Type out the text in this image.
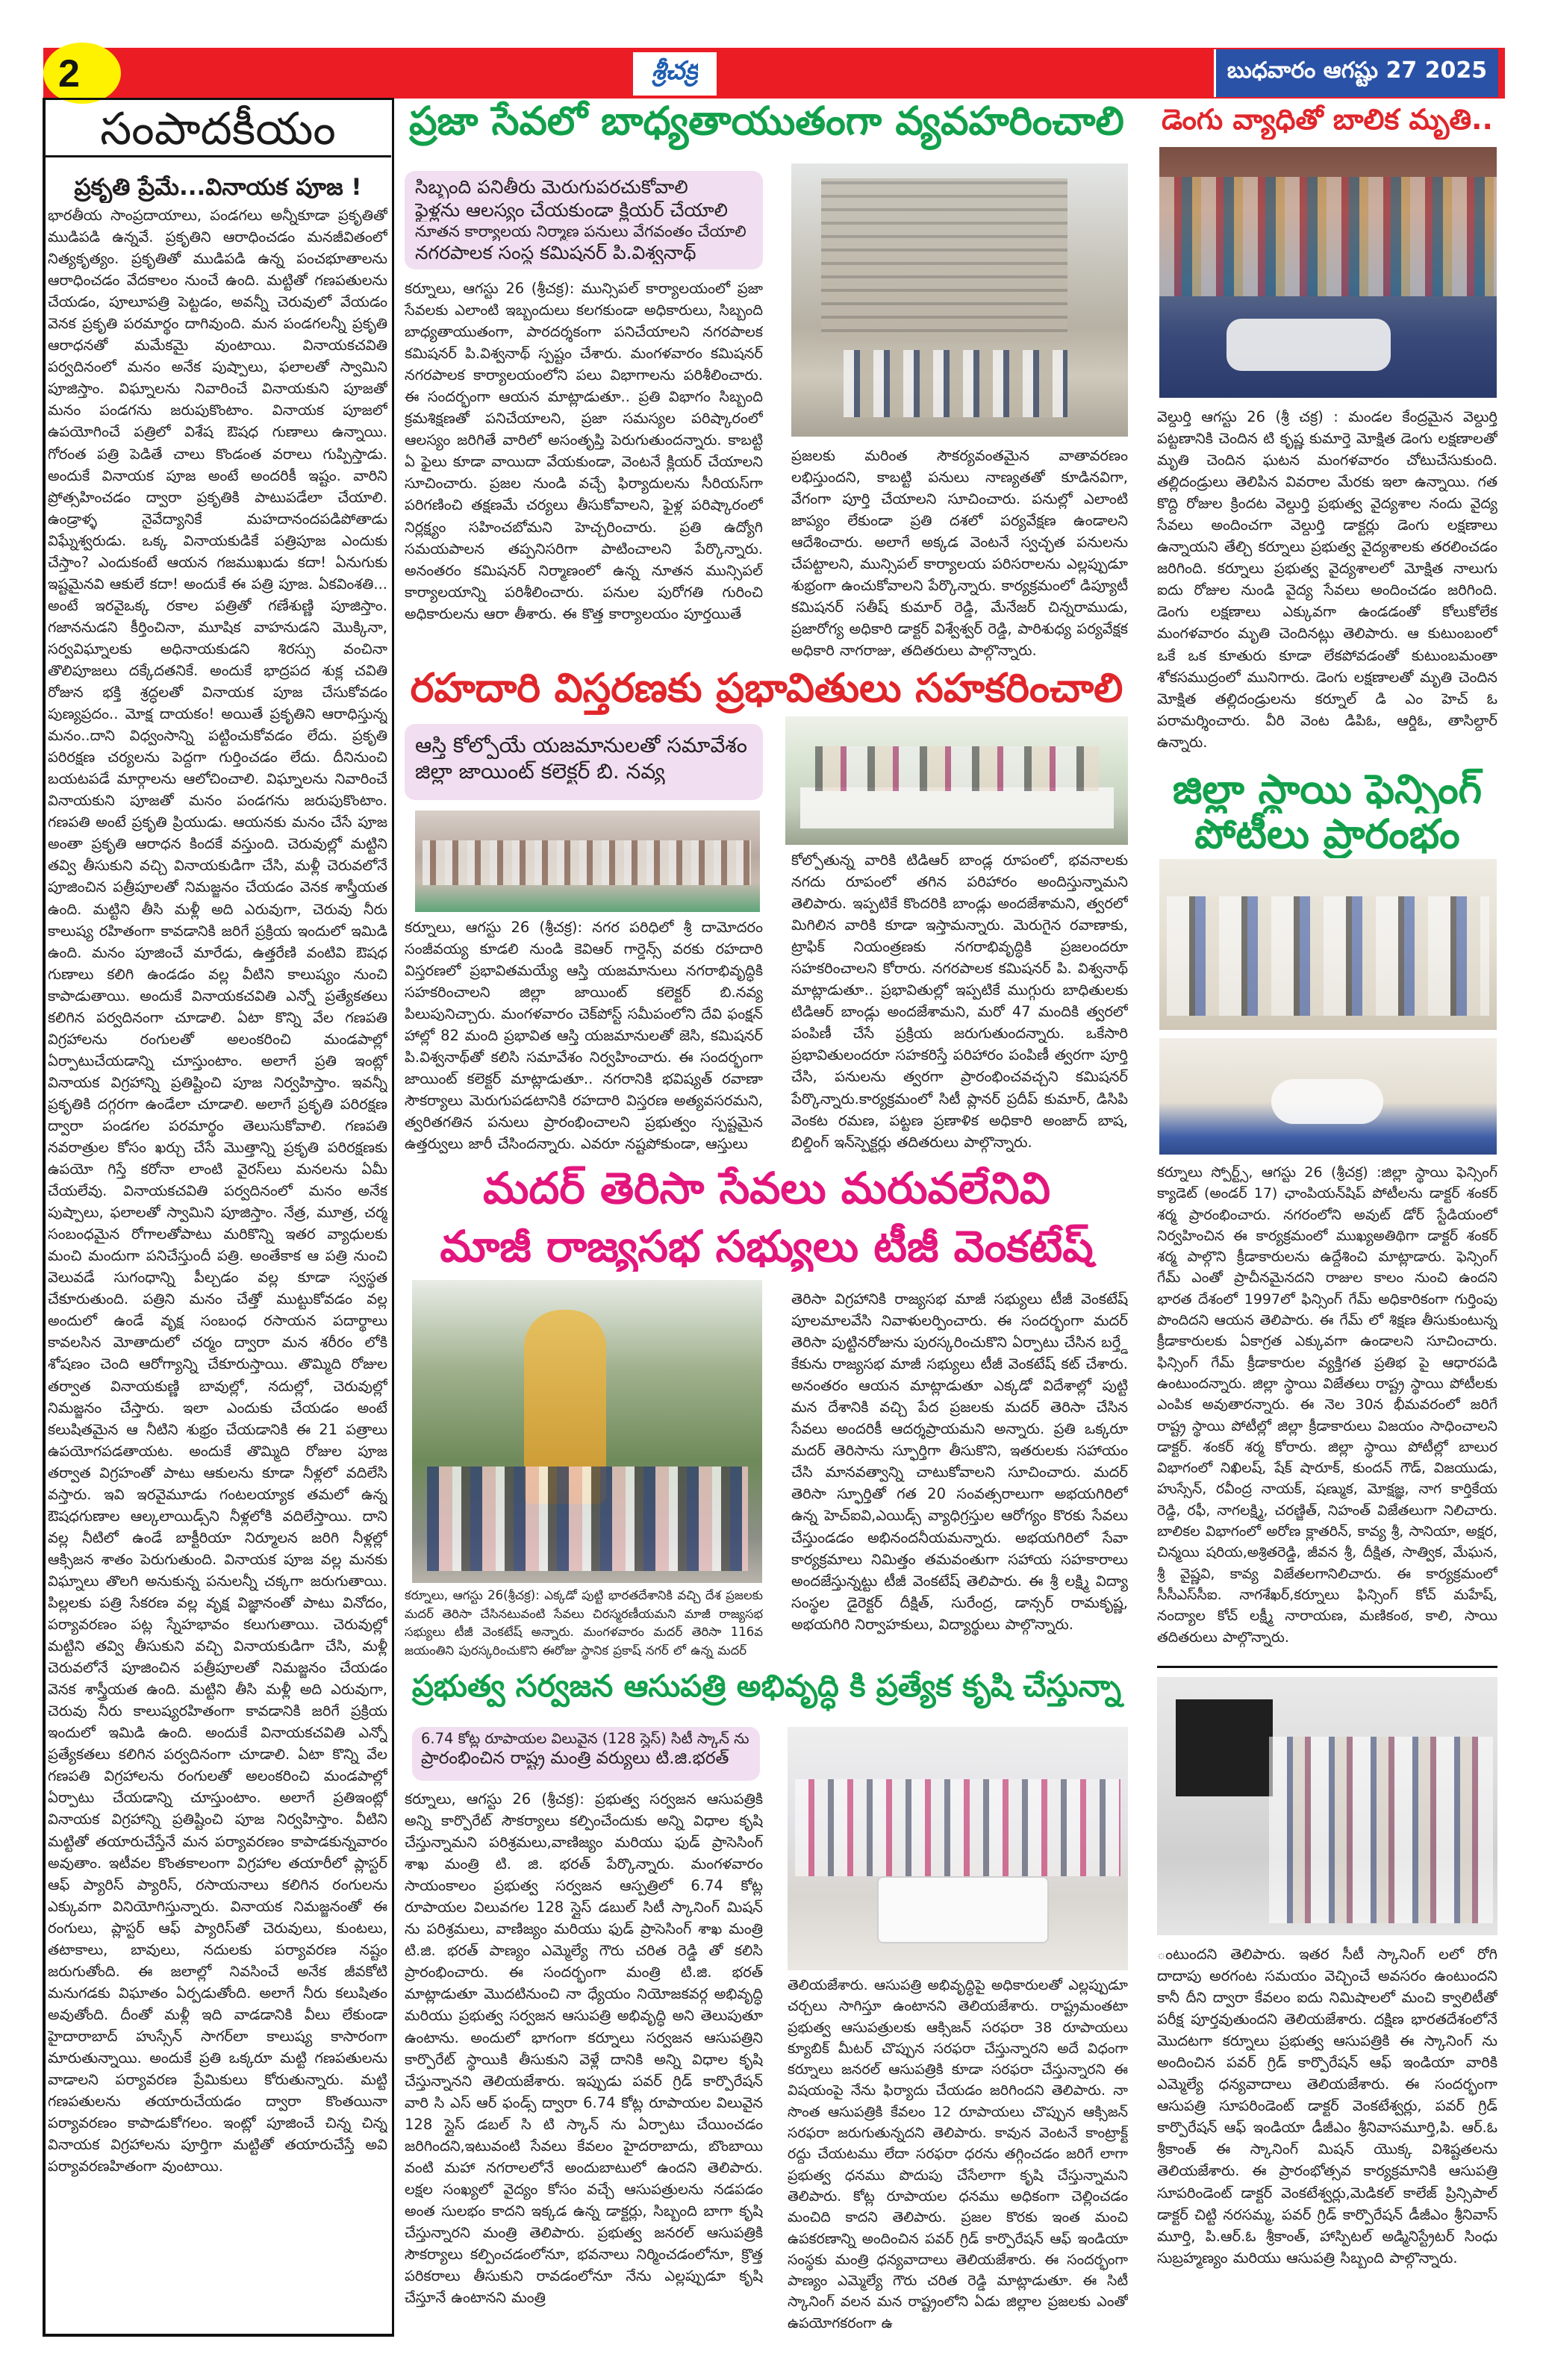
2	శ్రీచక్ర	బుధవారం ఆగష్టు 27 2025
సంపాదకీయం
ప్రకృతి ప్రేమే...వినాయక పూజ !
భారతీయ సాంప్రదాయాలు, పండగలు అన్నీకూడా ప్రకృతితో ముడిపడి ఉన్నవే. ప్రకృతిని ఆరాధించడం మనజీవితంలో నిత్యకృత్యం. ప్రకృతితో ముడిపడి ఉన్న పంచభూతాలను ఆరాధించడం వేదకాలం నుంచే ఉంది. మట్టితో గణపతులను చేయడం, పూలూపత్రి పెట్టడం, అవన్నీ చెరువులో వేయడం వెనక ప్రకృతి పరమార్థం దాగివుంది. మన పండగలన్నీ ప్రకృతి ఆరాధనతో మమేకమై వుంటాయి. వినాయకచవితి పర్వదినంలో మనం అనేక పుష్పాలు, ఫలాలతో స్వామిని పూజిస్తాం. విఘ్నాలను నివారించే వినాయకుని పూజతో మనం పండగను జరుపుకొంటాం. వినాయక పూజలో ఉపయోగించే పత్రిలో విశేష ఔషధ గుణాలు ఉన్నాయి. గోరంత పత్రి పెడితే చాలు కొండంత వరాలు గుప్పిస్తాడు. అందుకే వినాయక పూజ అంటే అందరికీ ఇష్టం. వారిని ప్రోత్సహించడం ద్వారా ప్రకృతికి పాటుపడేలా చేయాలి. ఉండ్రాళ్ళ నైవేద్యానికే మహదానందపడిపోతాడు విఘ్నేశ్వరుడు. ఒక్క వినాయకుడికే పత్రిపూజ ఎందుకు చేస్తాం? ఎందుకంటే ఆయన గజముఖుడు కదా! ఏనుగుకు ఇష్టమైనవి ఆకులే కదా! అందుకే ఈ పత్రి పూజ. ఏకవింశతి... అంటే ఇరవైఒక్క రకాల పత్రితో గణేశుణ్ణి పూజిస్తాం. గజాననుడని కీర్తించినా, మూషిక వాహనుడని మొక్కినా, సర్వవిఘ్నాలకు అధినాయకుడని శిరస్సు వంచినా తొలిపూజలు దక్కేదతనికే. అందుకే భాద్రపద శుక్ల చవితి రోజున భక్తి శ్రద్ధలతో వినాయక పూజ చేసుకోవడం పుణ్యప్రదం.. మోక్ష దాయకం! అయితే ప్రకృతిని ఆరాధిస్తున్న మనం..దాని విధ్వంసాన్ని పట్టించుకోవడం లేదు. ప్రకృతి పరిరక్షణ చర్యలను పెద్దగా గుర్తించడం లేదు. దీనినుంచి బయటపడే మార్గాలను ఆలోచించాలి. విఘ్నాలను నివారించే వినాయకుని పూజతో మనం పండగను జరుపుకొంటాం. గణపతి అంటే ప్రకృతి ప్రియుడు. ఆయనకు మనం చేసే పూజ అంతా ప్రకృతి ఆరాధన కిందకే వస్తుంది. చెరువుల్లో మట్టిని తవ్వి తీసుకుని వచ్చి వినాయకుడిగా చేసి, మళ్లీ చెరువలోనే పూజించిన పత్రీపూలతో నిమజ్జనం చేయడం వెనక శాస్త్రీయత ఉంది. మట్టిని తీసి మళ్లీ అది ఎరువుగా, చెరువు నీరు కాలుష్య రహితంగా కావడానికి జరిగే ప్రక్రియ ఇందులో ఇమిడి ఉంది. మనం పూజించే మారేడు, ఉత్తరేణి వంటివి ఔషధ గుణాలు కలిగి ఉండడం వల్ల వీటిని కాలుష్యం నుంచి కాపాడుతాయి. అందుకే వినాయకచవితి ఎన్నో ప్రత్యేకతలు కలిగిన పర్వదినంగా చూడాలి. ఏటా కొన్ని వేల గణపతి విగ్రహాలను రంగులతో అలంకరించి మండపాల్లో ఏర్పాటుచేయడాన్ని చూస్తుంటాం. అలాగే ప్రతి ఇంట్లో వినాయక విగ్రహాన్ని ప్రతిష్టించి పూజ నిర్వహిస్తాం. ఇవన్నీ ప్రకృతికి దగ్గరగా ఉండేలా చూడాలి. అలాగే ప్రకృతి పరిరక్షణ ద్వారా పండగల పరమార్థం తెలుసుకోవాలి. గణపతి నవరాత్రుల కోసం ఖర్చు చేసే మొత్తాన్ని ప్రకృతి పరిరక్షణకు ఉపయో గిస్తే కరోనా లాంటి వైరస్‌లు మనలను ఏమీ చేయలేవు. వినాయకచవితి పర్వదినంలో మనం అనేక పుష్పాలు, ఫలాలతో స్వామిని పూజిస్తాం. నేత్ర, మూత్ర, చర్మ సంబంధమైన రోగాలతోపాటు మరికొన్ని ఇతర వ్యాధులకు మంచి మందుగా పనిచేస్తుందీ పత్రి. అంతేకాక ఆ పత్రి నుంచి వెలువడే సుగంధాన్ని పీల్చడం వల్ల కూడా స్వస్థత చేకూరుతుంది. పత్రిని మనం చేత్తో ముట్టుకోవడం వల్ల అందులో ఉండే వృక్ష సంబంధ రసాయన పదార్థాలు కావలసిన మోతాదులో చర్మం ద్వారా మన శరీరం లోకి శోషణం చెంది ఆరోగ్యాన్ని చేకూరుస్తాయి. తొమ్మిది రోజుల తర్వాత వినాయకుణ్ణి బావుల్లో, నదుల్లో, చెరువుల్లో నిమజ్జనం చేస్తారు. ఇలా ఎందుకు చేయడం అంటే కలుషితమైన ఆ నీటిని శుభ్రం చేయడానికి ఈ 21 పత్రాలు ఉపయోగపడతాయట. అందుకే తొమ్మిది రోజుల పూజ తర్వాత విగ్రహంతో పాటు ఆకులను కూడా నీళ్లలో వదిలేసి వస్తారు. ఇవి ఇరవైమూడు గంటలయ్యాక తమలో ఉన్న ఔషధగుణాల ఆల్కలాయిడ్స్‌ని నీళ్లలోకి వదిలేస్తాయి. దాని వల్ల నీటిలో ఉండే బాక్టీరియా నిర్మూలన జరిగి నీళ్లల్లో ఆక్సిజన శాతం పెరుగుతుంది. వినాయక పూజ వల్ల మనకు విఘ్నాలు తొలగి అనుకున్న పనులన్నీ చక్కగా జరుగుతాయి.పిల్లలకు పత్రి సేకరణ వల్ల వృక్ష విజ్ఞానంతో పాటు వినోదం, పర్యావరణం పట్ల స్నేహభావం కలుగుతాయి. చెరువుల్లో మట్టిని తవ్వి తీసుకుని వచ్చి వినాయకుడిగా చేసి, మళ్లీ చెరువలోనే పూజించిన పత్రీపూలతో నిమజ్జనం చేయడం వెనక శాస్త్రీయత ఉంది. మట్టిని తీసి మళ్లీ అది ఎరువుగా, చెరువు నీరు కాలుష్యరహితంగా కావడానికి జరిగే ప్రక్రియ ఇందులో ఇమిడి ఉంది. అందుకే వినాయకచవితి ఎన్నో ప్రత్యేకతలు కలిగిన పర్వదినంగా చూడాలి. ఏటా కొన్ని వేల గణపతి విగ్రహాలను రంగులతో అలంకరించి మండపాల్లో ఏర్పాటు చేయడాన్ని చూస్తుంటాం. అలాగే ప్రతిఇంట్లో వినాయక విగ్రహాన్ని ప్రతిష్టించి పూజ నిర్వహిస్తాం. వీటిని మట్టితో తయారుచేస్తేనే మన పర్యావరణం కాపాడకున్నవారం అవుతాం. ఇటీవల కొంతకాలంగా విగ్రహాల తయారీలో ప్లాస్టర్ ఆఫ్ ప్యారిస్ ప్యారిస్, రసాయనాలు కలిగిన రంగులను ఎక్కువగా వినియోగిస్తున్నారు. వినాయక నిమజ్జనంతో ఈ రంగులు, ప్లాస్టర్ ఆఫ్ ప్యారిస్‌తో చెరువులు, కుంటలు, తటాకాలు, బావులు, నదులకు పర్యావరణ నష్టం జరుగుతోంది. ఈ జలాల్లో నివసించే అనేక జీవకోటి మనుగడకు విఘాతం ఏర్పడుతోంది. అలాగే నీరు కలుషితం అవుతోంది. దీంతో మళ్లీ ఇది వాడడానికి వీలు లేకుండా హైదారాబాద్ హుస్సేన్ సాగర్‌లా కాలుష్య కాసారంగా మారుతున్నాయి. అందుకే ప్రతి ఒక్కరూ మట్టి గణపతులను వాడాలని పర్యావరణ ప్రేమికులు కోరుతున్నారు. మట్టి గణపతులను తయారుచేయడం ద్వారా కొంతయినా పర్యావరణం కాపాడుకోగలం. ఇంట్లో పూజించే చిన్న చిన్న వినాయక విగ్రహాలను పూర్తిగా మట్టితో తయారుచేస్తే అవి పర్యావరణహితంగా వుంటాయి.
ప్రజా సేవలో బాధ్యతాయుతంగా వ్యవహరించాలి
సిబ్బంది పనితీరు మెరుగుపరచుకోవాలి
ఫైళ్లను ఆలస్యం చేయకుండా క్లియర్ చేయాలి
నూతన కార్యాలయ నిర్మాణ పనులు వేగవంతం చేయాలి
నగరపాలక సంస్థ కమిషనర్ పి.విశ్వనాథ్
కర్నూలు, ఆగస్టు 26 (శ్రీచక్ర): మున్సిపల్ కార్యాలయంలో ప్రజా సేవలకు ఎలాంటి ఇబ్బందులు కలగకుండా అధికారులు, సిబ్బంది బాధ్యతాయుతంగా, పారదర్శకంగా పనిచేయాలని నగరపాలక కమిషనర్ పి.విశ్వనాథ్ స్పష్టం చేశారు. మంగళవారం కమిషనర్ నగరపాలక కార్యాలయంలోని పలు విభాగాలను పరిశీలించారు. ఈ సందర్భంగా ఆయన మాట్లాడుతూ.. ప్రతి విభాగం సిబ్బంది క్రమశిక్షణతో పనిచేయాలని, ప్రజా సమస్యల పరిష్కారంలో ఆలస్యం జరిగితే వారిలో అసంతృప్తి పెరుగుతుందన్నారు. కాబట్టి ఏ ఫైలు కూడా వాయిదా వేయకుండా, వెంటనే క్లియర్ చేయాలని సూచించారు. ప్రజల నుండి వచ్చే ఫిర్యాదులను సీరియస్‌గా పరిగణించి తక్షణమే చర్యలు తీసుకోవాలని, ఫైళ్ల పరిష్కారంలో నిర్లక్ష్యం సహించబోమని హెచ్చరించారు. ప్రతి ఉద్యోగి సమయపాలన తప్పనిసరిగా పాటించాలని పేర్కొన్నారు. అనంతరం కమిషనర్ నిర్మాణంలో ఉన్న నూతన మున్సిపల్ కార్యాలయాన్ని పరిశీలించారు. పనుల పురోగతి గురించి అధికారులను ఆరా తీశారు. ఈ కొత్త కార్యాలయం పూర్తయితే
ప్రజలకు మరింత సౌకర్యవంతమైన వాతావరణం లభిస్తుందని, కాబట్టి పనులు నాణ్యతతో కూడినవిగా, వేగంగా పూర్తి చేయాలని సూచించారు. పనుల్లో ఎలాంటి జాప్యం లేకుండా ప్రతి దశలో పర్యవేక్షణ ఉండాలని ఆదేశించారు. అలాగే అక్కడ వెంటనే స్వచ్ఛత పనులను చేపట్టాలని, మున్సిపల్ కార్యాలయ పరిసరాలను ఎల్లప్పుడూ శుభ్రంగా ఉంచుకోవాలని పేర్కొన్నారు. కార్యక్రమంలో డిప్యూటీ కమిషనర్ సతీష్ కుమార్ రెడ్డి, మేనేజర్ చిన్నరాముడు, ప్రజారోగ్య అధికారి డాక్టర్ విశ్వేశ్వర్ రెడ్డి, పారిశుధ్య పర్యవేక్షక అధికారి నాగరాజు, తదితరులు పాల్గొన్నారు.
రహదారి విస్తరణకు ప్రభావితులు సహకరించాలి
ఆస్తి కోల్పోయే యజమానులతో సమావేశం
జిల్లా జాయింట్ కలెక్టర్ బి. నవ్య
కర్నూలు, ఆగస్టు 26 (శ్రీచక్ర): నగర పరిధిలో శ్రీ దామోదరం సంజీవయ్య కూడలి నుండి కెవిఆర్ గార్డెన్స్ వరకు రహదారి విస్తరణలో ప్రభావితమయ్యే ఆస్తి యజమానులు నగరాభివృద్ధికి సహకరించాలని జిల్లా జాయింట్ కలెక్టర్ బి.నవ్య పిలుపునిచ్చారు. మంగళవారం చెక్‌పోస్ట్ సమీపంలోని దేవి ఫంక్షన్ హాల్లో 82 మంది ప్రభావిత ఆస్తి యజమానులతో జెసి, కమిషనర్ పి.విశ్వనాథ్‌తో కలిసి సమావేశం నిర్వహించారు. ఈ సందర్భంగా జాయింట్ కలెక్టర్ మాట్లాడుతూ.. నగరానికి భవిష్యత్ రవాణా సౌకర్యాలు మెరుగుపడటానికి రహదారి విస్తరణ అత్యవసరమని, త్వరితగతిన పనులు ప్రారంభించాలని ప్రభుత్వం స్పష్టమైన ఉత్తర్వులు జారీ చేసిందన్నారు. ఎవరూ నష్టపోకుండా, ఆస్తులు
కోల్పోతున్న వారికి టిడిఆర్ బాండ్ల రూపంలో, భవనాలకు నగదు రూపంలో తగిన పరిహారం అందిస్తున్నామని తెలిపారు. ఇప్పటికే కొందరికి బాండ్లు అందజేశామని, త్వరలో మిగిలిన వారికి కూడా ఇస్తామన్నారు. మెరుగైన రవాణాకు, ట్రాఫిక్ నియంత్రణకు నగరాభివృద్ధికి ప్రజలందరూ సహకరించాలని కోరారు. నగరపాలక కమిషనర్ పి. విశ్వనాథ్ మాట్లాడుతూ.. ప్రభావితుల్లో ఇప్పటికే ముగ్గురు బాధితులకు టిడిఆర్ బాండ్లు అందజేశామని, మరో 47 మందికి త్వరలో పంపిణీ చేసే ప్రక్రియ జరుగుతుందన్నారు. ఒకేసారి ప్రభావితులందరూ సహకరిస్తే పరిహారం పంపిణీ త్వరగా పూర్తి చేసి, పనులను త్వరగా ప్రారంభించవచ్చని కమిషనర్ పేర్కొన్నారు.కార్యక్రమంలో సిటీ ప్లానర్ ప్రదీప్ కుమార్, డిసిపి వెంకట రమణ, పట్టణ ప్రణాళిక అధికారి అంజాద్ బాష, బిల్డింగ్ ఇన్‌స్పెక్టర్లు తదితరులు పాల్గొన్నారు.
మదర్ తెరిసా సేవలు మరువలేనివి
మాజీ రాజ్యసభ సభ్యులు టీజీ వెంకటేష్
కర్నూలు, ఆగస్టు 26(శ్రీచక్ర): ఎక్కడో పుట్టి భారతదేశానికి వచ్చి దేశ ప్రజలకు మదర్ తెరిసా చేసినటువంటి సేవలు చిరస్మరణీయమని మాజీ రాజ్యసభ సభ్యులు టీజీ వెంకటేష్ అన్నారు. మంగళవారం మదర్ తెరిసా 116వ జయంతిని పురస్కరించుకొని ఈరోజు స్థానిక ప్రకాష్ నగర్ లో ఉన్న మదర్
తెరిసా విగ్రహానికి రాజ్యసభ మాజీ సభ్యులు టీజీ వెంకటేష్ పూలమాలవేసి నివాళులర్పించారు. ఈ సందర్భంగా మదర్ తెరిసా పుట్టినరోజును పురస్కరించుకొని ఏర్పాటు చేసిన బర్త్డే కేకును రాజ్యసభ మాజీ సభ్యులు టీజీ వెంకటేష్ కట్ చేశారు. అనంతరం ఆయన మాట్లాడుతూ ఎక్కడో విదేశాల్లో పుట్టి మన దేశానికి వచ్చి పేద ప్రజలకు మదర్ తెరిసా చేసిన సేవలు అందరికీ ఆదర్శప్రాయమని అన్నారు. ప్రతి ఒక్కరూ మదర్ తెరిసాను స్ఫూర్తిగా తీసుకొని, ఇతరులకు సహాయం చేసి మానవత్వాన్ని చాటుకోవాలని సూచించారు. మదర్ తెరిసా స్ఫూర్తితో గత 20 సంవత్సరాలుగా అభయగిరిలో ఉన్న హెచ్ఐవి,ఎయిడ్స్ వ్యాధిగ్రస్తుల ఆరోగ్యం కొరకు సేవలు చేస్తుండడం అభినందనీయమన్నారు. అభయగిరిలో సేవా కార్యక్రమాలు నిమిత్తం తమవంతుగా సహాయ సహకారాలు అందజేస్తున్నట్టు టీజీ వెంకటేష్ తెలిపారు. ఈ శ్రీ లక్ష్మి విద్యా సంస్థల డైరెక్టర్ దీక్షిత్, సురేంద్ర, డాన్సర్ రామకృష్ణ, అభయగిరి నిర్వాహకులు, విద్యార్థులు పాల్గొన్నారు.
ప్రభుత్వ సర్వజన ఆసుపత్రి అభివృద్ధి కి ప్రత్యేక కృషి చేస్తున్నా
6.74 కోట్ల రూపాయల విలువైన (128 స్లైస్) సిటీ స్కాన్ ను
ప్రారంభించిన రాష్ట్ర మంత్రి వర్యులు టి.జి.భరత్
కర్నూలు, ఆగస్టు 26 (శ్రీచక్ర): ప్రభుత్వ సర్వజన ఆసుపత్రికి అన్ని కార్పొరేట్ సౌకర్యాలు కల్పించేందుకు అన్ని విధాల కృషి చేస్తున్నామని పరిశ్రమలు,వాణిజ్యం మరియు ఫుడ్ ప్రాసెసింగ్ శాఖ మంత్రి టి. జి. భరత్ పేర్కొన్నారు. మంగళవారం సాయంకాలం ప్రభుత్వ సర్వజన ఆస్పత్రిలో 6.74 కోట్ల రూపాయల విలువగల 128 స్లైస్ డబుల్ సిటీ స్కానింగ్ మిషన్ ను పరిశ్రమలు, వాణిజ్యం మరియు ఫుడ్ ప్రాసెసింగ్ శాఖ మంత్రి టి.జి. భరత్ పాణ్యం ఎమ్మెల్యే గౌరు చరిత రెడ్డి తో కలిసి ప్రారంభించారు. ఈ సందర్భంగా మంత్రి టి.జి. భరత్ మాట్లాడుతూ మొదటినుంచి నా ధ్యేయం నియోజకవర్గ అభివృద్ధి మరియు ప్రభుత్వ సర్వజన ఆసుపత్రి అభివృద్ధి అని తెలుపుతూ ఉంటాను. అందులో భాగంగా కర్నూలు సర్వజన ఆసుపత్రిని కార్పొరేట్ స్థాయికి తీసుకుని వెళ్లే దానికి అన్ని విధాల కృషి చేస్తున్నానని తెలియజేశారు. ఇప్పుడు పవర్ గ్రిడ్ కార్పొరేషన్ వారి సి ఎస్ ఆర్ ఫండ్స్ ద్వారా 6.74 కోట్ల రూపాయల విలువైన 128 స్లైస్ డబల్ సి టి స్కాన్ ను ఏర్పాటు చేయించడం జరిగిందని,ఇటువంటి సేవలు కేవలం హైదరాబాదు, బొంబాయి వంటి మహా నగరాలలోనే అందుబాటులో ఉందని తెలిపారు. లక్షల సంఖ్యలో వైద్యం కోసం వచ్చే ఆసుపత్రులను నడపడం అంత సులభం కాదని ఇక్కడ ఉన్న డాక్టర్లు, సిబ్బంది బాగా కృషి చేస్తున్నారని మంత్రి తెలిపారు. ప్రభుత్వ జనరల్ ఆసుపత్రికి సౌకర్యాలు కల్పించడంలోనూ, భవనాలు నిర్మించడంలోనూ, క్రొత్త పరికరాలు తీసుకుని రావడంలోనూ నేను ఎల్లప్పుడూ కృషి చేస్తూనే ఉంటానని మంత్రి
తెలియజేశారు. ఆసుపత్రి అభివృద్ధిపై అధికారులతో ఎల్లప్పుడూ చర్చలు సాగిస్తూ ఉంటానని తెలియజేశారు. రాష్ట్రమంతటా ప్రభుత్వ ఆసుపత్రులకు ఆక్సిజన్ సరఫరా 38 రూపాయలు క్యూబిక్ మీటర్ చొప్పున సరఫరా చేస్తున్నారని అదే విధంగా కర్నూలు జనరల్ ఆసుపత్రికి కూడా సరఫరా చేస్తున్నారని ఈ విషయంపై నేను ఫిర్యాదు చేయడం జరిగిందని తెలిపారు. నా సొంత ఆసుపత్రికి కేవలం 12 రూపాయలు చొప్పున ఆక్సిజన్ సరఫరా జరుగుతున్నదని తెలిపారు. కావున వెంటనే కాంట్రాక్ట్ రద్దు చేయటము లేదా సరఫరా ధరను తగ్గించడం జరిగే లాగా ప్రభుత్వ ధనము పొదుపు చేసేలాగా కృషి చేస్తున్నామని తెలిపారు. కోట్ల రూపాయల ధనము అధికంగా చెల్లించడం మంచిది కాదని తెలిపారు. ప్రజల కొరకు ఇంత మంచి ఉపకరణాన్ని అందించిన పవర్ గ్రిడ్ కార్పొరేషన్ ఆఫ్ ఇండియా సంస్థకు మంత్రి ధన్యవాదాలు తెలియజేశారు. ఈ సందర్భంగా పాణ్యం ఎమ్మెల్యే గౌరు చరిత రెడ్డి మాట్లాడుతూ. ఈ సిటీ స్కానింగ్ వలన మన రాష్ట్రంలోని ఏడు జిల్లాల ప్రజలకు ఎంతో ఉపయోగకరంగా ఉ
ంటుందని తెలిపారు. ఇతర సీటీ స్కానింగ్ లలో రోగి దాదాపు అరగంట సమయం వెచ్చించే అవసరం ఉంటుందని కానీ దీని ద్వారా కేవలం ఐదు నిమిషాలలో మంచి క్వాలిటీతో పరీక్ష పూర్తవుతుందని తెలియజేశారు. దక్షిణ భారతదేశంలోనే మొదటగా కర్నూలు ప్రభుత్వ ఆసుపత్రికి ఈ స్కానింగ్ ను అందించిన పవర్ గ్రిడ్ కార్పొరేషన్ ఆఫ్ ఇండియా వారికి ఎమ్మెల్యే ధన్యవాదాలు తెలియజేశారు. ఈ సందర్భంగా ఆసుపత్రి సూపరిండెంట్ డాక్టర్ వెంకటేశ్వర్లు, పవర్ గ్రిడ్ కార్పొరేషన్ ఆఫ్ ఇండియా డీజీఎం శ్రీనివాసమూర్తి,పి. ఆర్.ఓ శ్రీకాంత్ ఈ స్కానింగ్ మిషన్ యొక్క విశిష్టతలను తెలియజేశారు. ఈ ప్రారంభోత్సవ కార్యక్రమానికి ఆసుపత్రి సూపరిండెంట్ డాక్టర్ వెంకటేశ్వర్లు,మెడికల్ కాలేజ్ ప్రిన్సిపాల్ డాక్టర్ చిట్టి నరసమ్మ, పవర్ గ్రిడ్ కార్పొరేషన్ డీజీఎం శ్రీనివాస్ మూర్తి, పి.ఆర్.ఓ శ్రీకాంత్, హాస్పిటల్ అడ్మినిస్ట్రేటర్ సింధు సుబ్రహ్మణ్యం మరియు ఆసుపత్రి సిబ్బంది పాల్గొన్నారు.
డెంగు వ్యాధితో బాలిక మృతి..
వెల్దుర్తి ఆగస్టు 26 (శ్రీ చక్ర) : మండల కేంద్రమైన వెల్దుర్తి పట్టణానికి చెందిన టి కృష్ణ కుమార్తె మోక్షిత డెంగు లక్షణాలతో మృతి చెందిన ఘటన మంగళవారం చోటుచేసుకుంది. తల్లిదండ్రులు తెలిపిన వివరాల మేరకు ఇలా ఉన్నాయి. గత కొద్ది రోజుల క్రిందట వెల్దుర్తి ప్రభుత్వ వైద్యశాల నందు వైద్య సేవలు అందించగా వెల్దుర్తి డాక్టర్లు డెంగు లక్షణాలు ఉన్నాయని తేల్చి కర్నూలు ప్రభుత్వ వైద్యశాలకు తరలించడం జరిగింది. కర్నూలు ప్రభుత్వ వైద్యశాలలో మోక్షిత నాలుగు ఐదు రోజుల నుండి వైద్య సేవలు అందించడం జరిగింది. డెంగు లక్షణాలు ఎక్కువగా ఉండడంతో కోలుకోలేక మంగళవారం మృతి చెందినట్లు తెలిపారు. ఆ కుటుంబంలో ఒకే ఒక కూతురు కూడా లేకపోవడంతో కుటుంబమంతా శోకసముద్రంలో మునిగారు. డెంగు లక్షణాలతో మృతి చెందిన మోక్షిత తల్లిదండ్రులను కర్నూల్ డి ఎం హెచ్ ఓ పరామర్శించారు. వీరి వెంట డిపిఓ, ఆర్డిఓ, తాసిల్దార్ ఉన్నారు.
జిల్లా స్థాయి ఫెన్సింగ్
పోటీలు ప్రారంభం
కర్నూలు స్పోర్ట్స్, ఆగస్టు 26 (శ్రీచక్ర) :జిల్లా స్థాయి ఫెన్సింగ్ క్యాడెట్ (అండర్ 17) ఛాంపియన్‌షిప్ పోటీలను డాక్టర్ శంకర్ శర్మ ప్రారంభించారు. నగరంలోని అవుట్ డోర్ స్టేడియంలో నిర్వహించిన ఈ కార్యక్రమంలో ముఖ్యఅతిథిగా డాక్టర్ శంకర్ శర్మ పాల్గొని క్రీడాకారులను ఉద్దేశించి మాట్లాడారు. ఫెన్సింగ్ గేమ్ ఎంతో ప్రాచీనమైనదని రాజుల కాలం నుంచి ఉందని భారత దేశంలో 1997లో ఫిన్సింగ్ గేమ్ అధికారికంగా గుర్తింపు పొందిదని ఆయన తెలిపారు. ఈ గేమ్ లో శిక్షణ తీసుకుంటున్న క్రీడాకారులకు ఏకాగ్రత ఎక్కువగా ఉండాలని సూచించారు. ఫిన్సింగ్ గేమ్ క్రీడాకారుల వ్యక్తిగత ప్రతిభ పై ఆధారపడి ఉంటుందన్నారు. జిల్లా స్థాయి విజేతలు రాష్ట్ర స్థాయి పోటీలకు ఎంపిక అవుతారన్నారు. ఈ నెల 30న భీమవరంలో జరిగే రాష్ట్ర స్థాయి పోటీల్లో జిల్లా క్రీడాకారులు విజయం సాధించాలని డాక్టర్. శంకర్ శర్మ కోరారు. జిల్లా స్థాయి పోటీల్లో బాలుర విభాగంలో నిఖిలష్, షేక్ షారూక్, కుందన్ గౌడ్, విజయుడు, హుస్సేన్, రవీంద్ర నాయక్, షణ్ముక, మోక్షజ్ఞ, నాగ కార్తికేయ రెడ్డి, రఫీ, నాగలక్ష్మి, చరణ్జిత్, నిహంత్ విజేతలుగా నిలిచారు. బాలికల విభాగంలో అరోణ క్లాతరిన్, కావ్య శ్రీ, సానియా, అక్షర, చిన్మయి షరియ,అశ్రితరెడ్డి, జీవన శ్రీ, దీక్షిత, సాత్విక, మేఘన, శ్రీ వైష్ణవి, కావ్య విజేతలగానిలిచారు. ఈ కార్యక్రమంలో సీసీఎస్‌సీఐ. నాగశేఖర్,కర్నూలు ఫిన్సింగ్ కోచ్ మహేష్, నంద్యాల కోచ్ లక్ష్మీ నారాయణ, మణికంఠ, కాలి, సాయి తదితరులు పాల్గొన్నారు.
